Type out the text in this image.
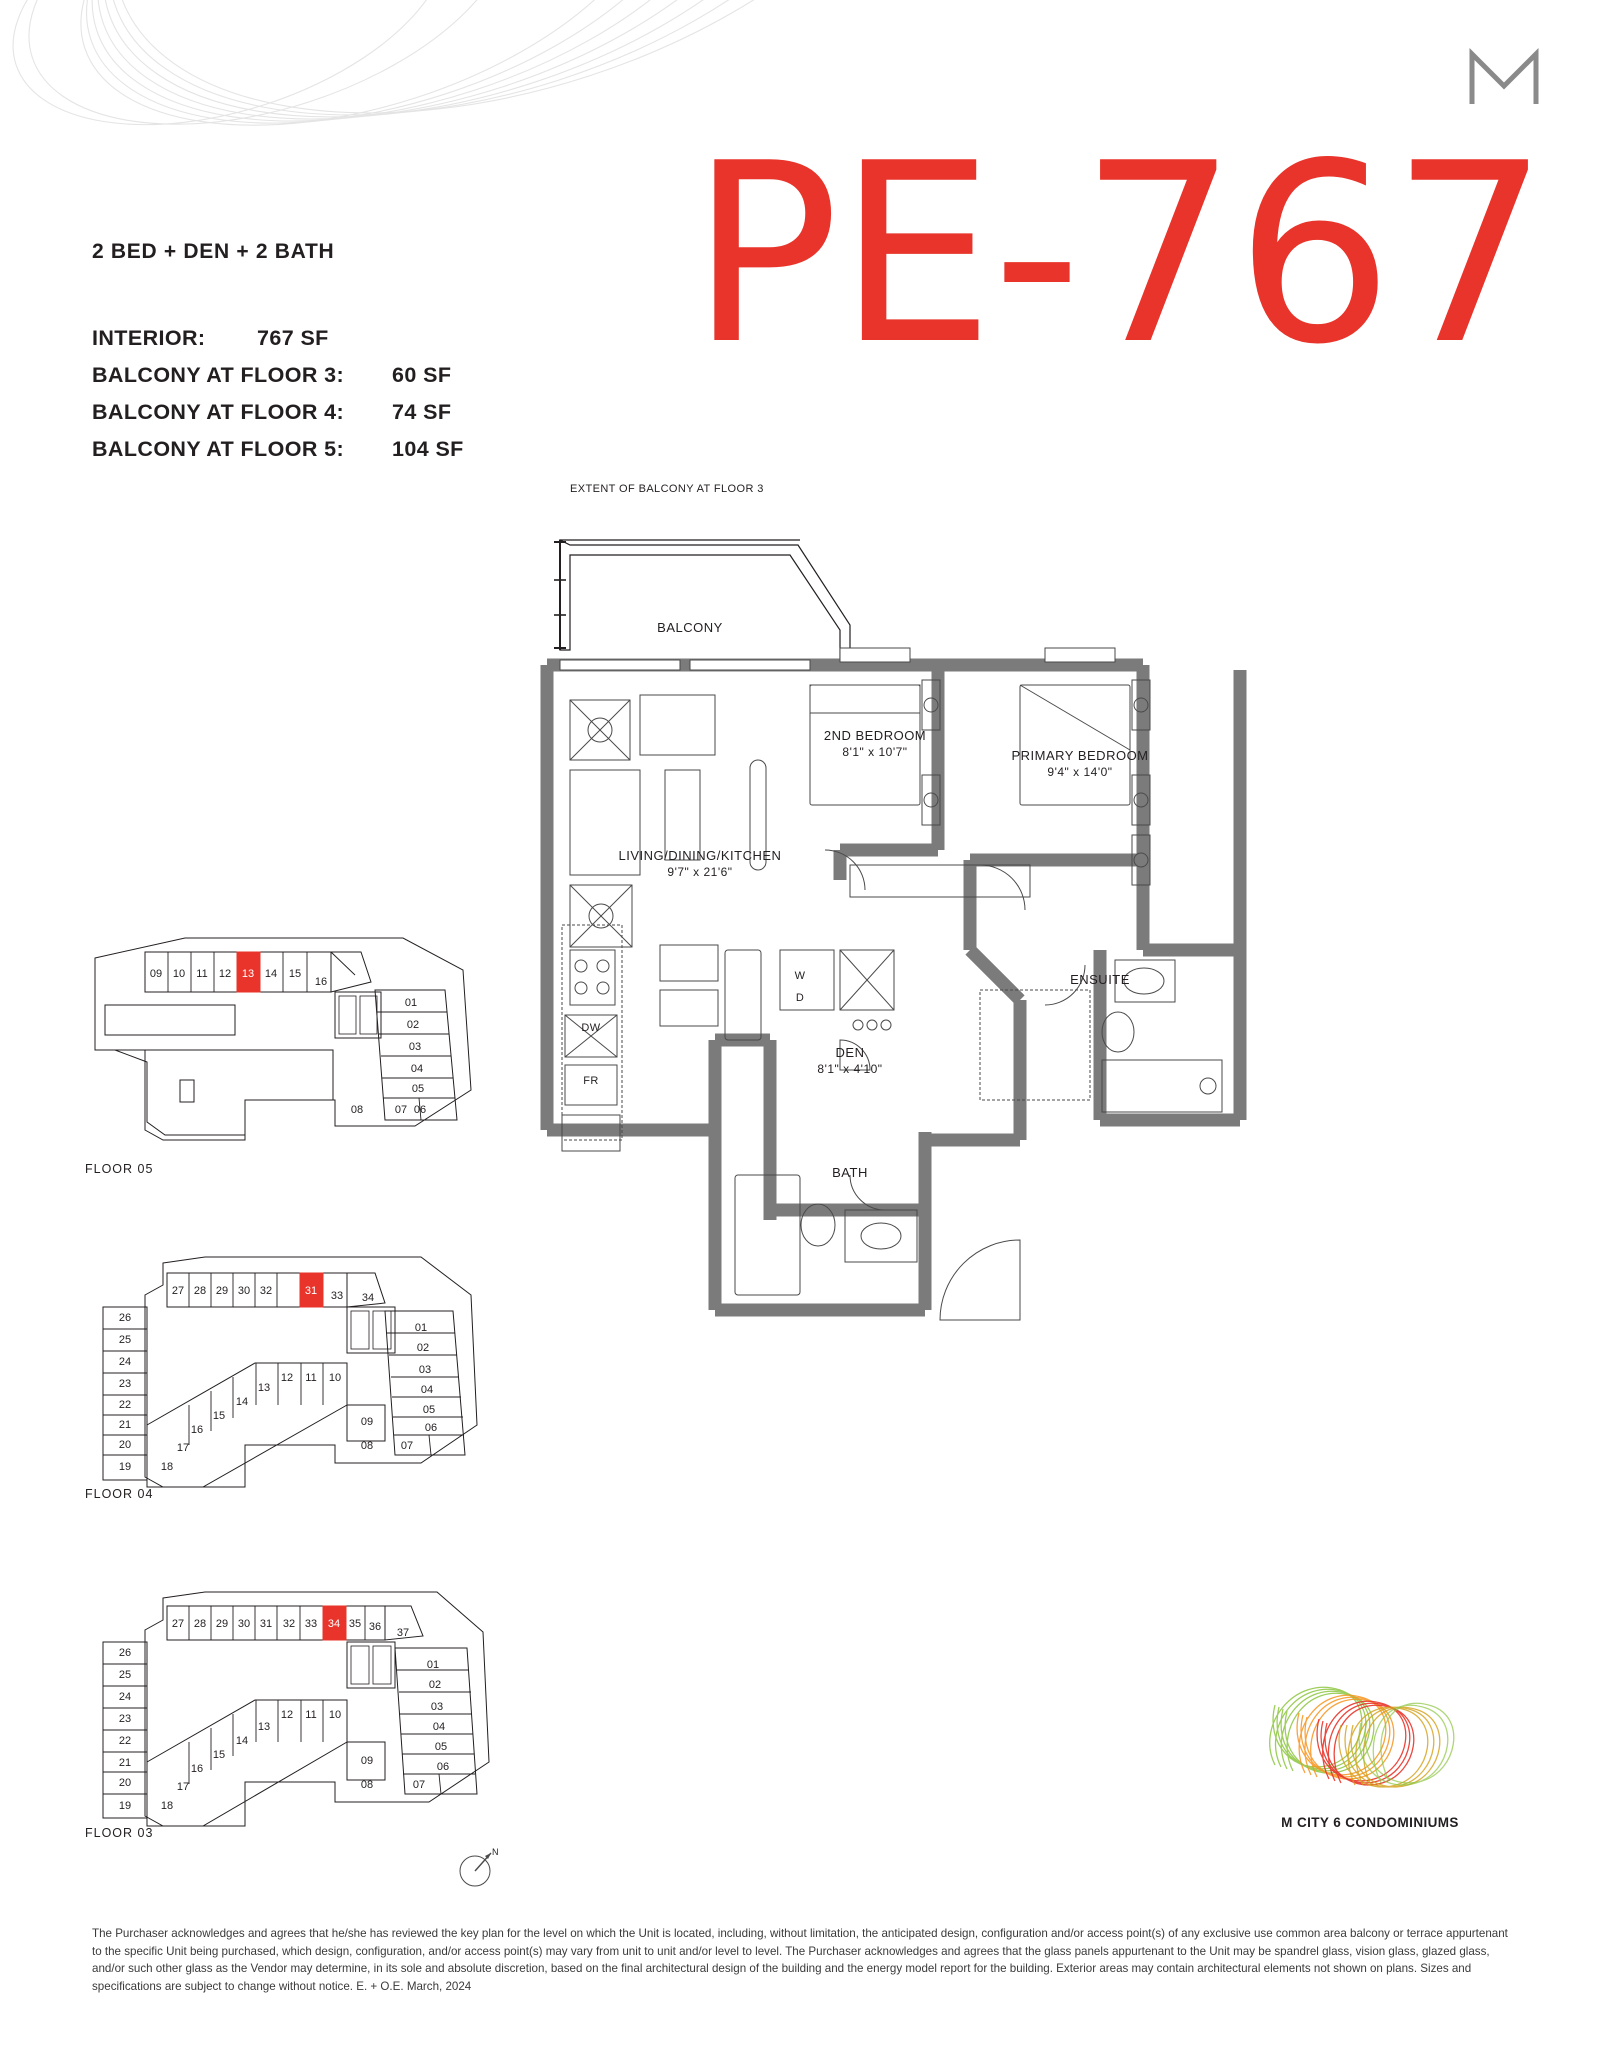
PE-767
2 BED + DEN + 2 BATH
INTERIOR:	767 SF
BALCONY AT FLOOR 3:	60 SF
BALCONY AT FLOOR 4:	74 SF
BALCONY AT FLOOR 5:	104 SF
EXTENT OF BALCONY AT FLOOR 3
BALCONY
LIVING/DINING/KITCHEN
9'7" x 21'6"
2ND BEDROOM
8'1" x 10'7"	PRIMARY BEDROOM
9'4" x 14'0"
DEN
8'1" x 4'10"
ENSUITE
BATH
W
D
DW
FR
N
09 10 11 12 13 14 15
16
01
02
03
04
05
06
07
08
FLOOR 05
27 28 29 30	31
32	33 34
26
25
24
23
22
21
20
19	18
17
16
15
14
13
12 11 10
09
08
01
02
03
04
05
06
07
FLOOR 04
27 28 29 30 31 32 33 34 35 36 37
26
25
24
23
22
21
20
19	18
17
16
15
14
13
12 11 10
09
08
01
02
03
04
05
06
07
FLOOR 03
M CITY 6 CONDOMINIUMS
The Purchaser acknowledges and agrees that he/she has reviewed the key plan for the level on which the Unit is located, including, without limitation, the anticipated design, configuration and/or access point(s) of any exclusive use common area balcony or terrace appurtenant to the specific Unit being purchased, which design, configuration, and/or access point(s) may vary from unit to unit and/or level to level. The Purchaser acknowledges and agrees that the glass panels appurtenant to the Unit may be spandrel glass, vision glass, glazed glass, and/or such other glass as the Vendor may determine, in its sole and absolute discretion, based on the final architectural design of the building and the energy model report for the building. Exterior areas may contain architectural elements not shown on plans. Sizes and specifications are subject to change without notice. E. + O.E. March, 2024
